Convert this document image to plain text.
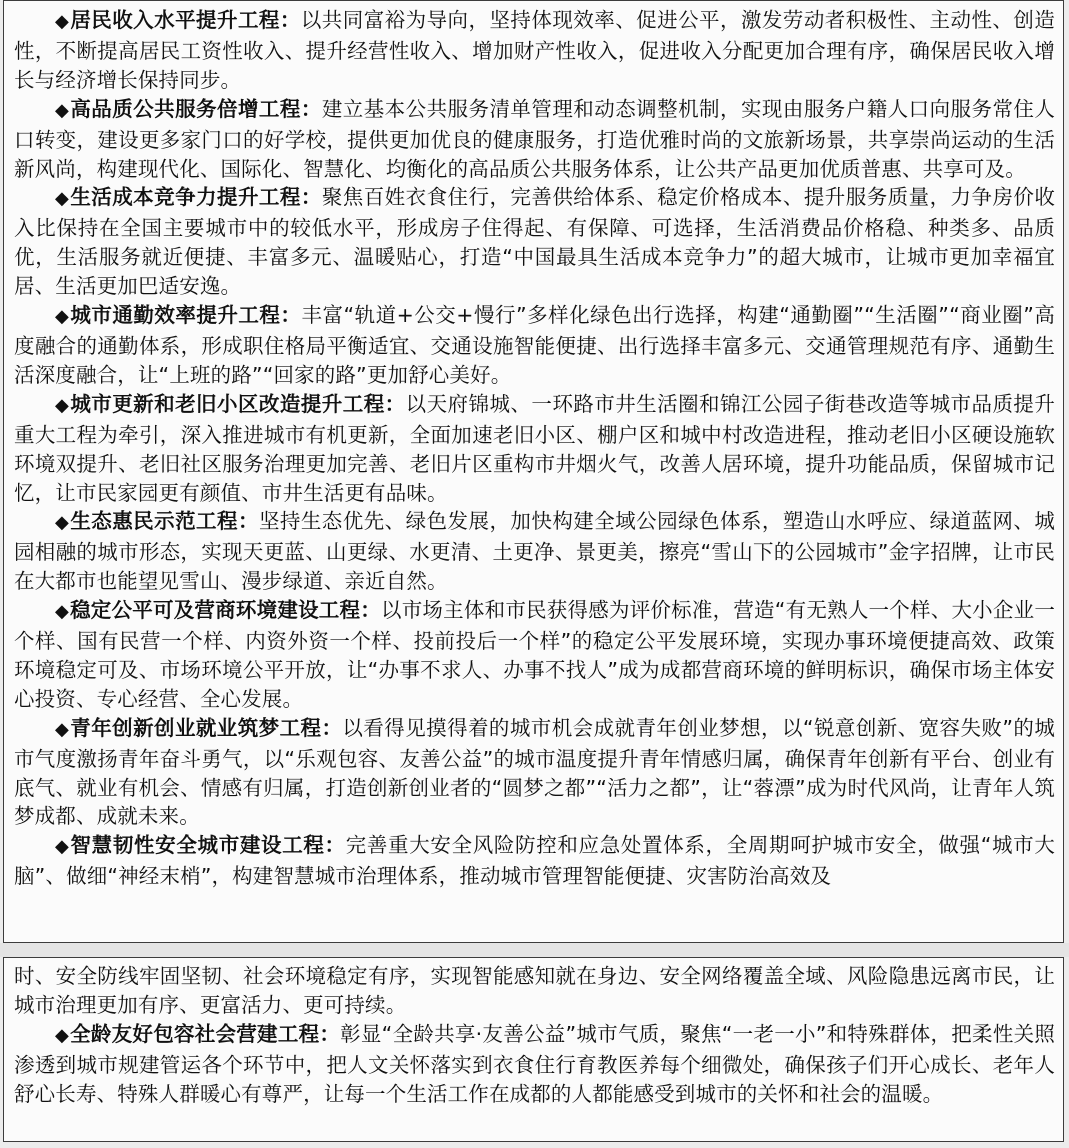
◆居民收入水平提升工程：以共同富裕为导向，坚持体现效率、促进公平，激发劳动者积极性、主动性、创造性，不断提高居民工资性收入、提升经营性收入、增加财产性收入，促进收入分配更加合理有序，确保居民收入增长与经济增长保持同步。

◆高品质公共服务倍增工程：建立基本公共服务清单管理和动态调整机制，实现由服务户籍人口向服务常住人口转变，建设更多家门口的好学校，提供更加优良的健康服务，打造优雅时尚的文旅新场景，共享崇尚运动的生活新风尚，构建现代化、国际化、智慧化、均衡化的高品质公共服务体系，让公共产品更加优质普惠、共享可及。

◆生活成本竞争力提升工程：聚焦百姓衣食住行，完善供给体系、稳定价格成本、提升服务质量，力争房价收入比保持在全国主要城市中的较低水平，形成房子住得起、有保障、可选择，生活消费品价格稳、种类多、品质优，生活服务就近便捷、丰富多元、温暖贴心，打造“中国最具生活成本竞争力”的超大城市，让城市更加幸福宜居、生活更加巴适安逸。

◆城市通勤效率提升工程：丰富“轨道+公交+慢行”多样化绿色出行选择，构建“通勤圈”“生活圈”“商业圈”高度融合的通勤体系，形成职住格局平衡适宜、交通设施智能便捷、出行选择丰富多元、交通管理规范有序、通勤生活深度融合，让“上班的路”“回家的路”更加舒心美好。

◆城市更新和老旧小区改造提升工程：以天府锦城、一环路市井生活圈和锦江公园子街巷改造等城市品质提升重大工程为牵引，深入推进城市有机更新，全面加速老旧小区、棚户区和城中村改造进程，推动老旧小区硬设施软环境双提升、老旧社区服务治理更加完善、老旧片区重构市井烟火气，改善人居环境，提升功能品质，保留城市记忆，让市民家园更有颜值、市井生活更有品味。

◆生态惠民示范工程：坚持生态优先、绿色发展，加快构建全域公园绿色体系，塑造山水呼应、绿道蓝网、城园相融的城市形态，实现天更蓝、山更绿、水更清、土更净、景更美，擦亮“雪山下的公园城市”金字招牌，让市民在大都市也能望见雪山、漫步绿道、亲近自然。

◆稳定公平可及营商环境建设工程：以市场主体和市民获得感为评价标准，营造“有无熟人一个样、大小企业一个样、国有民营一个样、内资外资一个样、投前投后一个样”的稳定公平发展环境，实现办事环境便捷高效、政策环境稳定可及、市场环境公平开放，让“办事不求人、办事不找人”成为成都营商环境的鲜明标识，确保市场主体安心投资、专心经营、全心发展。

◆青年创新创业就业筑梦工程：以看得见摸得着的城市机会成就青年创业梦想，以“锐意创新、宽容失败”的城市气度激扬青年奋斗勇气，以“乐观包容、友善公益”的城市温度提升青年情感归属，确保青年创新有平台、创业有底气、就业有机会、情感有归属，打造创新创业者的“圆梦之都”“活力之都”，让“蓉漂”成为时代风尚，让青年人筑梦成都、成就未来。

◆智慧韧性安全城市建设工程：完善重大安全风险防控和应急处置体系，全周期呵护城市安全，做强“城市大脑”、做细“神经末梢”，构建智慧城市治理体系，推动城市管理智能便捷、灾害防治高效及

时、安全防线牢固坚韧、社会环境稳定有序，实现智能感知就在身边、安全网络覆盖全域、风险隐患远离市民，让城市治理更加有序、更富活力、更可持续。

◆全龄友好包容社会营建工程：彰显“全龄共享·友善公益”城市气质，聚焦“一老一小”和特殊群体，把柔性关照渗透到城市规建管运各个环节中，把人文关怀落实到衣食住行育教医养每个细微处，确保孩子们开心成长、老年人舒心长寿、特殊人群暖心有尊严，让每一个生活工作在成都的人都能感受到城市的关怀和社会的温暖。
